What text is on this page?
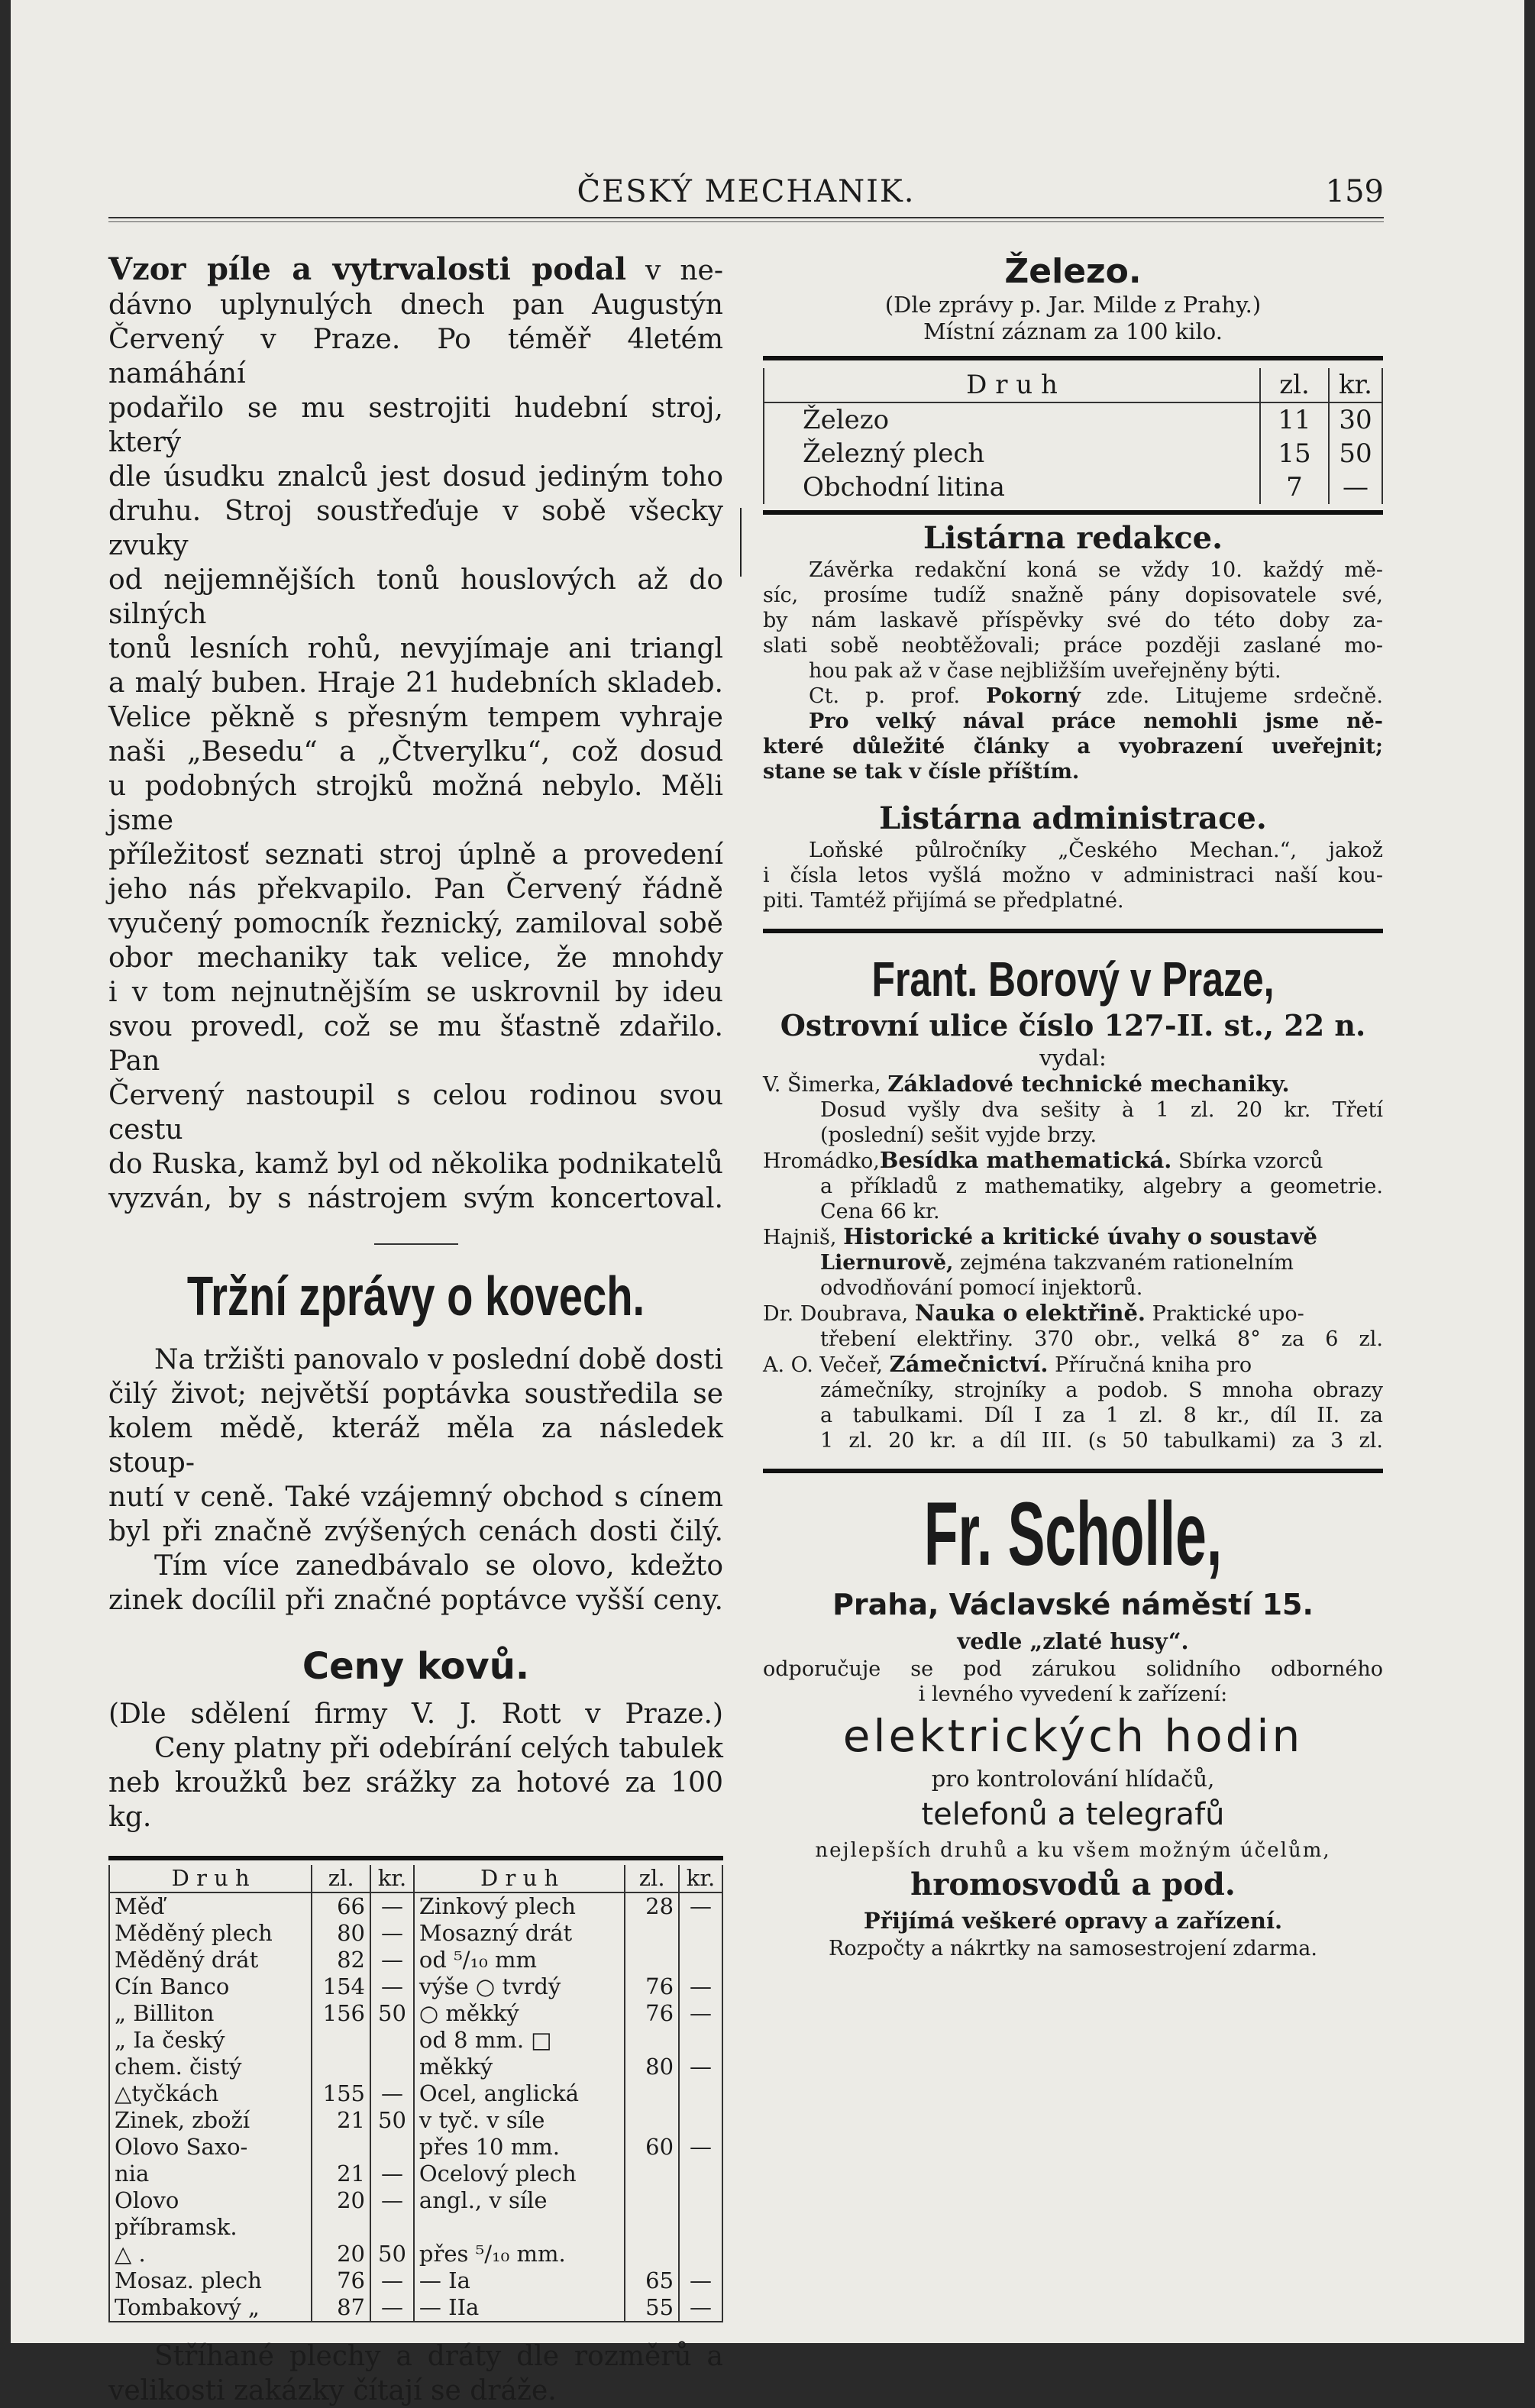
ČESKÝ MECHANIK.	159

Vzor píle a vytrvalosti podal v ne-

dávno uplynulých dnech pan Augustýn

Červený v Praze. Po téměř 4letém namáhání

podařilo se mu sestrojiti hudební stroj, který

dle úsudku znalců jest dosud jediným toho

druhu. Stroj soustřeďuje v sobě všecky zvuky

od nejjemnějších tonů houslových až do silných

tonů lesních rohů, nevyjímaje ani triangl

a malý buben. Hraje 21 hudebních skladeb.

Velice pěkně s přesným tempem vyhraje

naši „Besedu“ a „Čtverylku“, což dosud

u podobných strojků možná nebylo. Měli jsme

příležitosť seznati stroj úplně a provedení

jeho nás překvapilo. Pan Červený řádně

vyučený pomocník řeznický, zamiloval sobě

obor mechaniky tak velice, že mnohdy

i v tom nejnutnějším se uskrovnil by ideu

svou provedl, což se mu šťastně zdařilo. Pan

Červený nastoupil s celou rodinou svou cestu

do Ruska, kamž byl od několika podnikatelů

vyzván, by s nástrojem svým koncertoval.

Tržní zprávy o kovech.

Na tržišti panovalo v poslední době dosti

čilý život; největší poptávka soustředila se

kolem mědě, kteráž měla za následek stoup-

nutí v ceně. Také vzájemný obchod s cínem

byl při značně zvýšených cenách dosti čilý.

Tím více zanedbávalo se olovo, kdežto

zinek docílil při značné poptávce vyšší ceny.

Ceny kovů.

(Dle sdělení firmy V. J. Rott v Praze.)

Ceny platny při odebírání celých tabulek

neb kroužků bez srážky za hotové za 100 kg.

D r u h	zl.	kr.	D r u h	zl.	kr.
Měď	66	—	Zinkový plech	28	—
Měděný plech	80	—	Mosazný drát		
Měděný drát	82	—	od ⁵/₁₀ mm		
Cín Banco	154	—	výše ○ tvrdý	76	—
„ Billiton	156	50	○ měkký	76	—
„ Ia český			od 8 mm. □		
chem. čistý			měkký	80	—
△tyčkách	155	—	Ocel, anglická		
Zinek, zboží	21	50	v tyč. v síle		
Olovo Saxo-			přes 10 mm.	60	—
nia	21	—	Ocelový plech		
Olovo příbramsk.	20	—	angl., v síle		
△ .	20	50	přes ⁵/₁₀ mm.		
Mosaz. plech	76	—	— Ia	65	—
Tombakový „	87	—	— IIa	55	—

Stříhané plechy a dráty dle rozměrů a

velikosti zakázky čítají se dráže.

Železo.
(Dle zprávy p. Jar. Milde z Prahy.)
Místní záznam za 100 kilo.
D r u h	zl.	kr.
Železo	11	30
Železný plech	15	50
Obchodní litina	7	—
Listárna redakce.

Závěrka redakční koná se vždy 10. každý mě-

síc, prosíme tudíž snažně pány dopisovatele své,

by nám laskavě příspěvky své do této doby za-

slati sobě neobtěžovali; práce později zaslané mo-

hou pak až v čase nejbližším uveřejněny býti.

Ct. p. prof. Pokorný zde. Litujeme srdečně.

Pro velký nával práce nemohli jsme ně-

které důležité články a vyobrazení uveřejnit;

stane se tak v čísle příštím.

Listárna administrace.

Loňské půlročníky „Českého Mechan.“, jakož

i čísla letos vyšlá možno v administraci naší kou-

piti. Tamtéž přijímá se předplatné.

Frant. Borový v Praze,
Ostrovní ulice číslo 127-II. st., 22 n.
vydal:

V. Šimerka, Základové technické mechaniky.

Dosud vyšly dva sešity à 1 zl. 20 kr. Třetí

(poslední) sešit vyjde brzy.

Hromádko,Besídka mathematická. Sbírka vzorců

a příkladů z mathematiky, algebry a geometrie.

Cena 66 kr.

Hajniš, Historické a kritické úvahy o soustavě

Liernurově, zejména takzvaném rationelním

odvodňování pomocí injektorů.

Dr. Doubrava, Nauka o elektřině. Praktické upo-

třebení elektřiny. 370 obr., velká 8° za 6 zl.

A. O. Večeř, Zámečnictví. Příručná kniha pro

zámečníky, strojníky a podob. S mnoha obrazy

a tabulkami. Díl I za 1 zl. 8 kr., díl II. za

1 zl. 20 kr. a díl III. (s 50 tabulkami) za 3 zl.

Fr. Scholle,
Praha, Václavské náměstí 15.
vedle „zlaté husy“.

odporučuje se pod zárukou solidního odborného

i levného vyvedení k zařízení:

elektrických hodin
pro kontrolování hlídačů,
telefonů a telegrafů
nejlepších druhů a ku všem možným účelům,
hromosvodů a pod.
Přijímá veškeré opravy a zařízení.
Rozpočty a nákrtky na samosestrojení zdarma.
